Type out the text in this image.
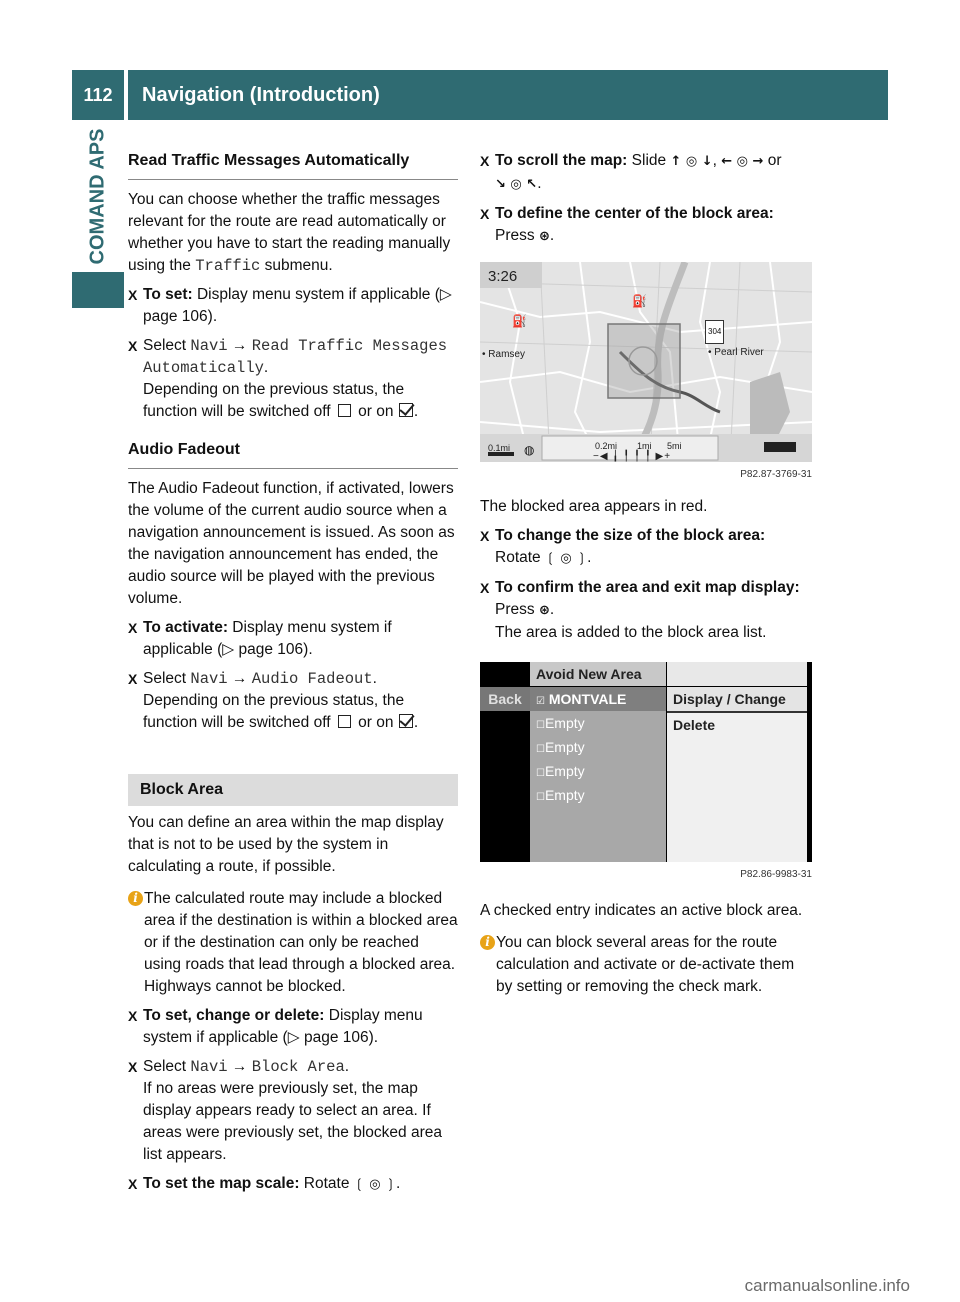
112	Navigation (Introduction)
COMAND APS Read Traffic Messages Automatically

You can choose whether the traffic messages relevant for the route are read automatically or whether you have to start the reading manually using the Traffic submenu.

X To set: Display menu system if applicable (▷ page 106).
X Select Navi → Read Traffic Messages Automatically.
Depending on the previous status, the function will be switched off or on .
Audio Fadeout

The Audio Fadeout function, if activated, lowers the volume of the current audio source when a navigation announcement is issued. As soon as the navigation announcement has ended, the audio source will be played with the previous volume.

X To activate: Display menu system if applicable (▷ page 106).
X Select Navi → Audio Fadeout.
Depending on the previous status, the function will be switched off or on .
Block Area

You can define an area within the map display that is not to be used by the system in calculating a route, if possible.

i The calculated route may include a blocked area if the destination is within a blocked area or if the destination can only be reached using roads that lead through a blocked area. Highways cannot be blocked.
X To set, change or delete: Display menu system if applicable (▷ page 106).
X Select Navi → Block Area.
If no areas were previously set, the map display appears ready to select an area. If areas were previously set, the blocked area list appears.
X To set the map scale: Rotate ❲ ◎ ❳.
X To scroll the map: Slide ↑ ◎ ↓, ← ◎ → or
↘ ◎ ↖.
X To define the center of the block area:
Press ⊛.
3:26
⛽
⛽
• Ramsey	• Pearl River
304
0.1mi ◍	0.2mi 1mi 5mi
−◀ ╽ ╿ ╿ ╿ ▶+
P82.87-3769-31

The blocked area appears in red.

X To change the size of the block area:
Rotate ❲ ◎ ❳.
X To confirm the area and exit map display: Press ⊛.
The area is added to the block area list.
Avoid New Area
Back	☑ MONTVALE
☐Empty
☐Empty
☐Empty
☐Empty
Display / Change
Delete
P82.86-9983-31

A checked entry indicates an active block area.

i You can block several areas for the route calculation and activate or de-activate them by setting or removing the check mark.
carmanualsonline.info
